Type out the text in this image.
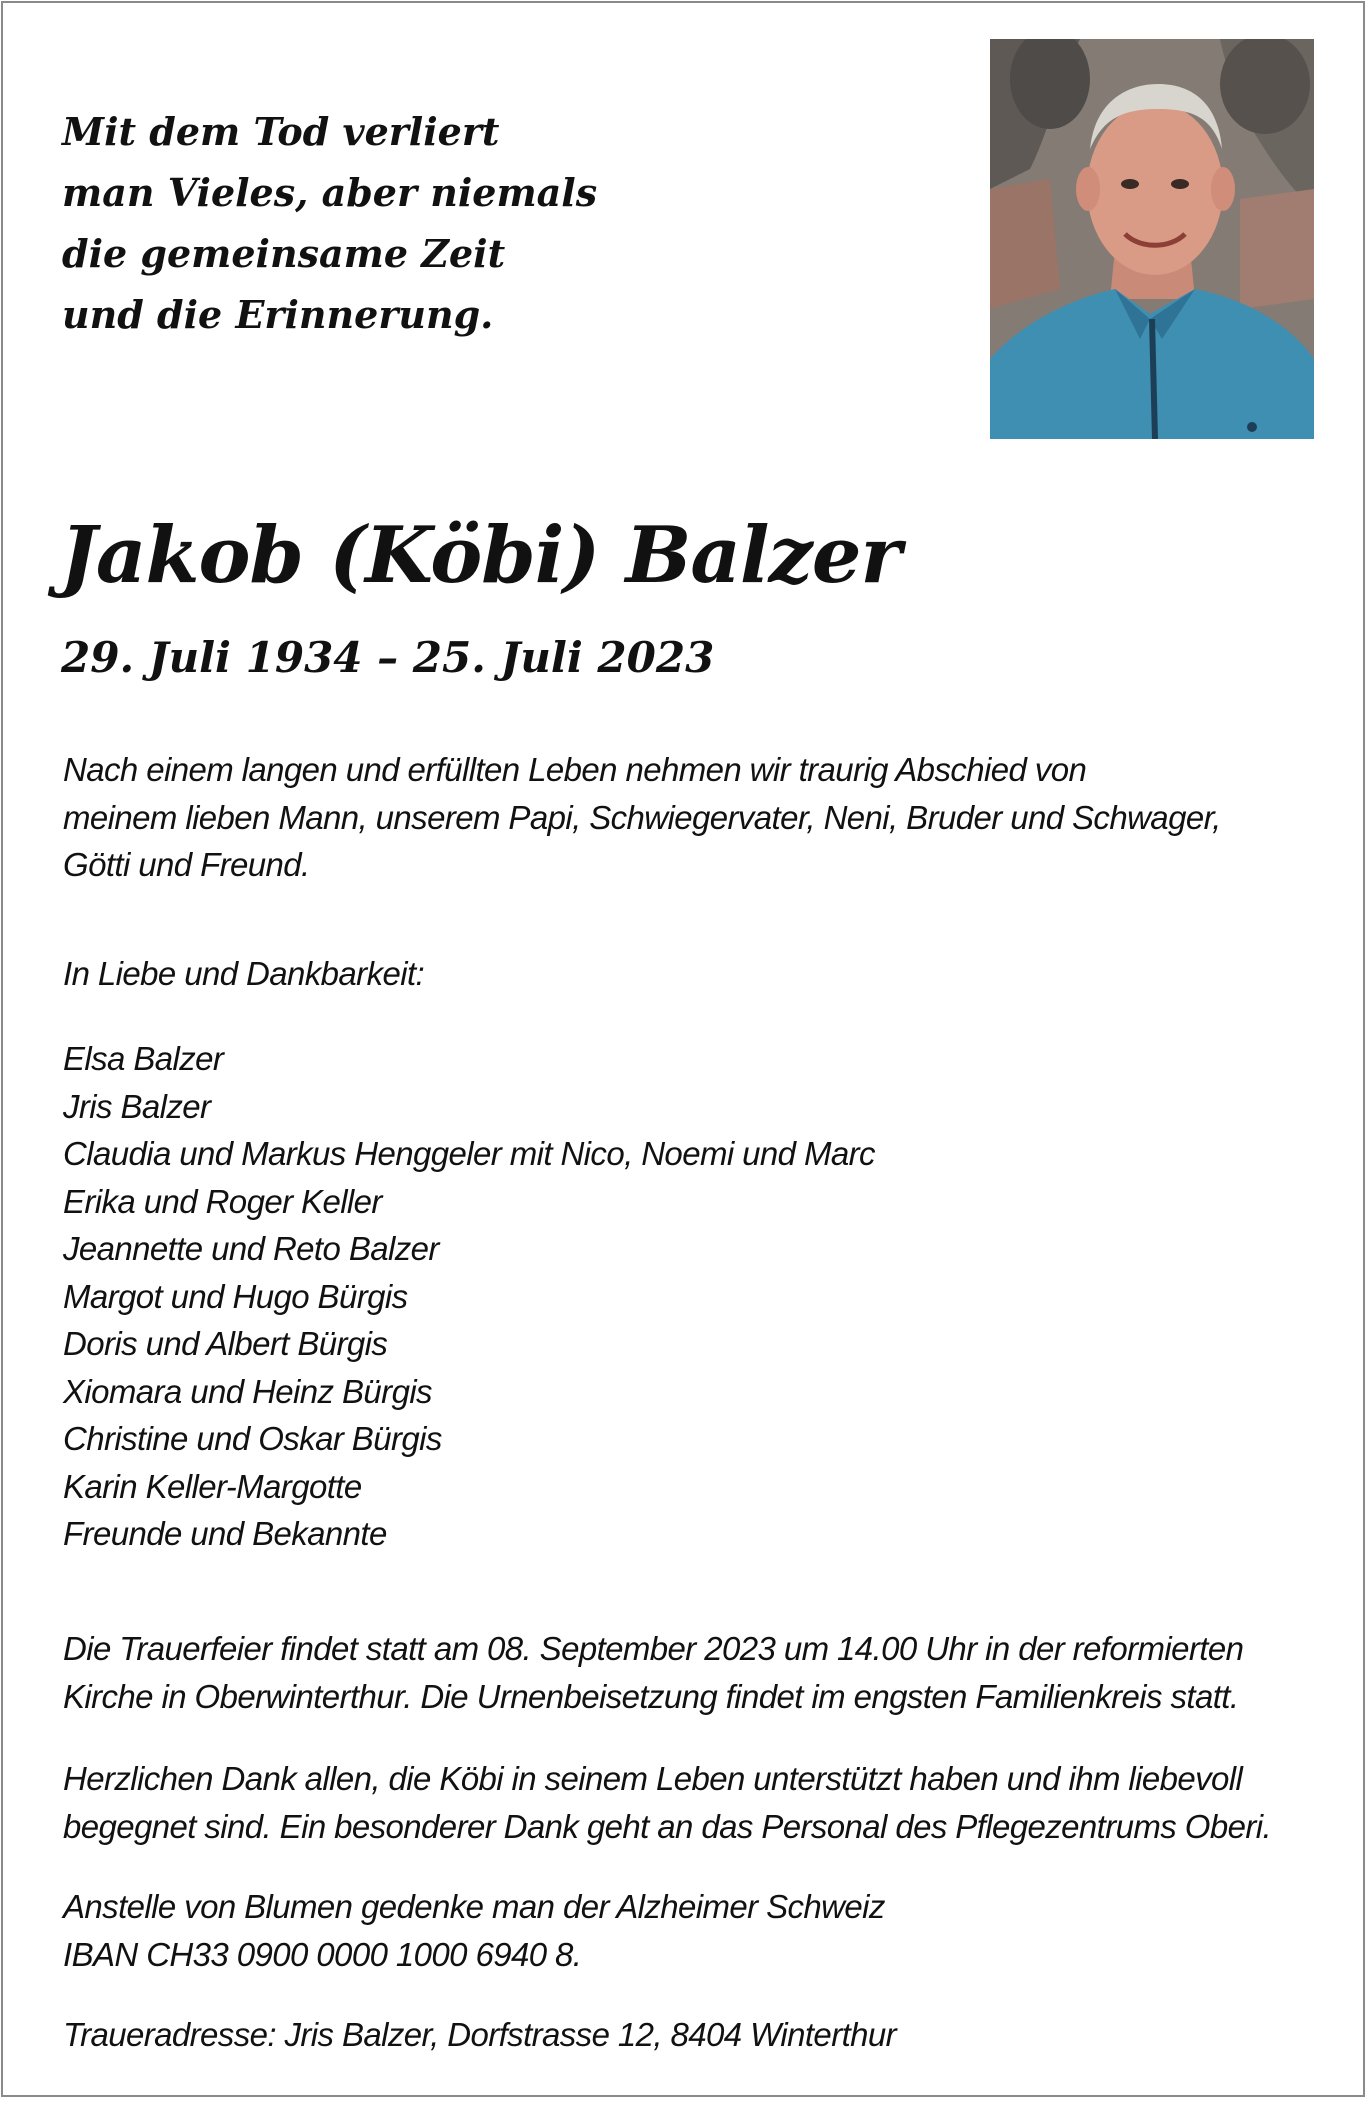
Mit dem Tod verliert
man Vieles, aber niemals
die gemeinsame Zeit
und die Erinnerung.
Jakob (Köbi) Balzer
29. Juli 1934 – 25. Juli 2023
Nach einem langen und erfüllten Leben nehmen wir traurig Abschied von
meinem lieben Mann, unserem Papi, Schwiegervater, Neni, Bruder und Schwager,
Götti und Freund.
In Liebe und Dankbarkeit:
Elsa Balzer
Jris Balzer
Claudia und Markus Henggeler mit Nico, Noemi und Marc
Erika und Roger Keller
Jeannette und Reto Balzer
Margot und Hugo Bürgis
Doris und Albert Bürgis
Xiomara und Heinz Bürgis
Christine und Oskar Bürgis
Karin Keller-Margotte
Freunde und Bekannte
Die Trauerfeier findet statt am 08. September 2023 um 14.00 Uhr in der reformierten
Kirche in Oberwinterthur. Die Urnenbeisetzung findet im engsten Familienkreis statt.
Herzlichen Dank allen, die Köbi in seinem Leben unterstützt haben und ihm liebevoll
begegnet sind. Ein besonderer Dank geht an das Personal des Pflegezentrums Oberi.
Anstelle von Blumen gedenke man der Alzheimer Schweiz
IBAN CH33 0900 0000 1000 6940 8.
Traueradresse: Jris Balzer, Dorfstrasse 12, 8404 Winterthur
